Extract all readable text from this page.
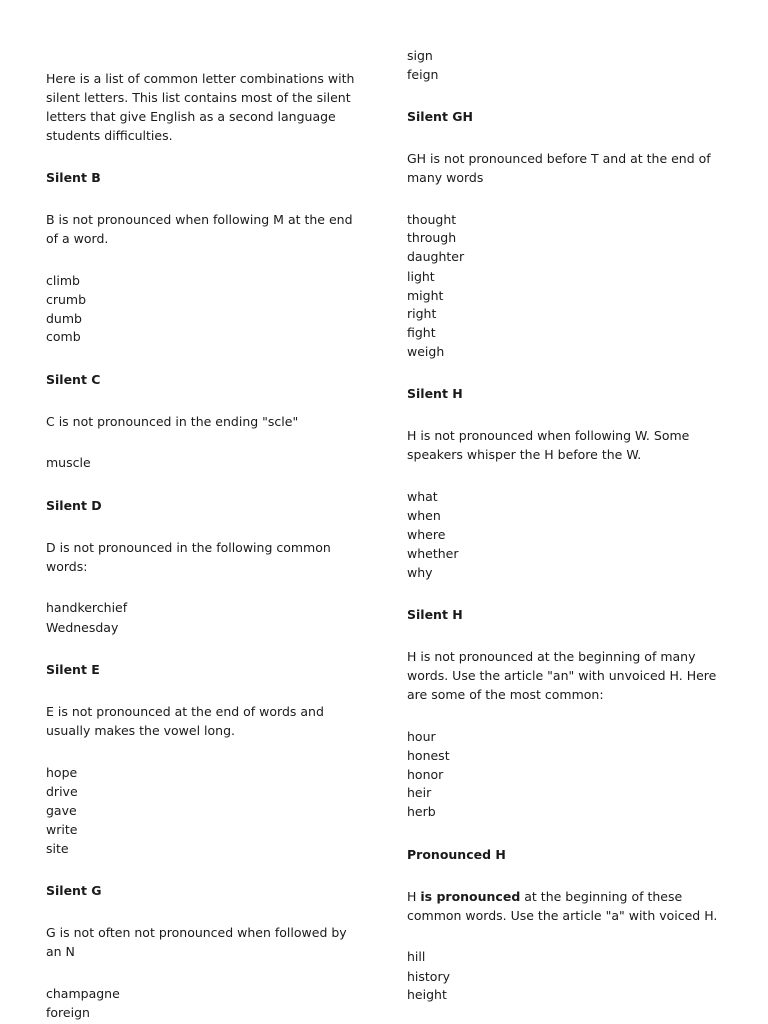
Here is a list of common letter combinations with
silent letters. This list contains most of the silent
letters that give English as a second language
students difficulties.
Silent B
B is not pronounced when following M at the end
of a word.
climb
crumb
dumb
comb
Silent C
C is not pronounced in the ending "scle"
muscle
Silent D
D is not pronounced in the following common
words:
handkerchief
Wednesday
Silent E
E is not pronounced at the end of words and
usually makes the vowel long.
hope
drive
gave
write
site
Silent G
G is not often not pronounced when followed by
an N
champagne
foreign
sign
feign
Silent GH
GH is not pronounced before T and at the end of
many words
thought
through
daughter
light
might
right
fight
weigh
Silent H
H is not pronounced when following W. Some
speakers whisper the H before the W.
what
when
where
whether
why
Silent H
H is not pronounced at the beginning of many
words. Use the article "an" with unvoiced H. Here
are some of the most common:
hour
honest
honor
heir
herb
Pronounced H
H is pronounced at the beginning of these
common words. Use the article "a" with voiced H.
hill
history
height
